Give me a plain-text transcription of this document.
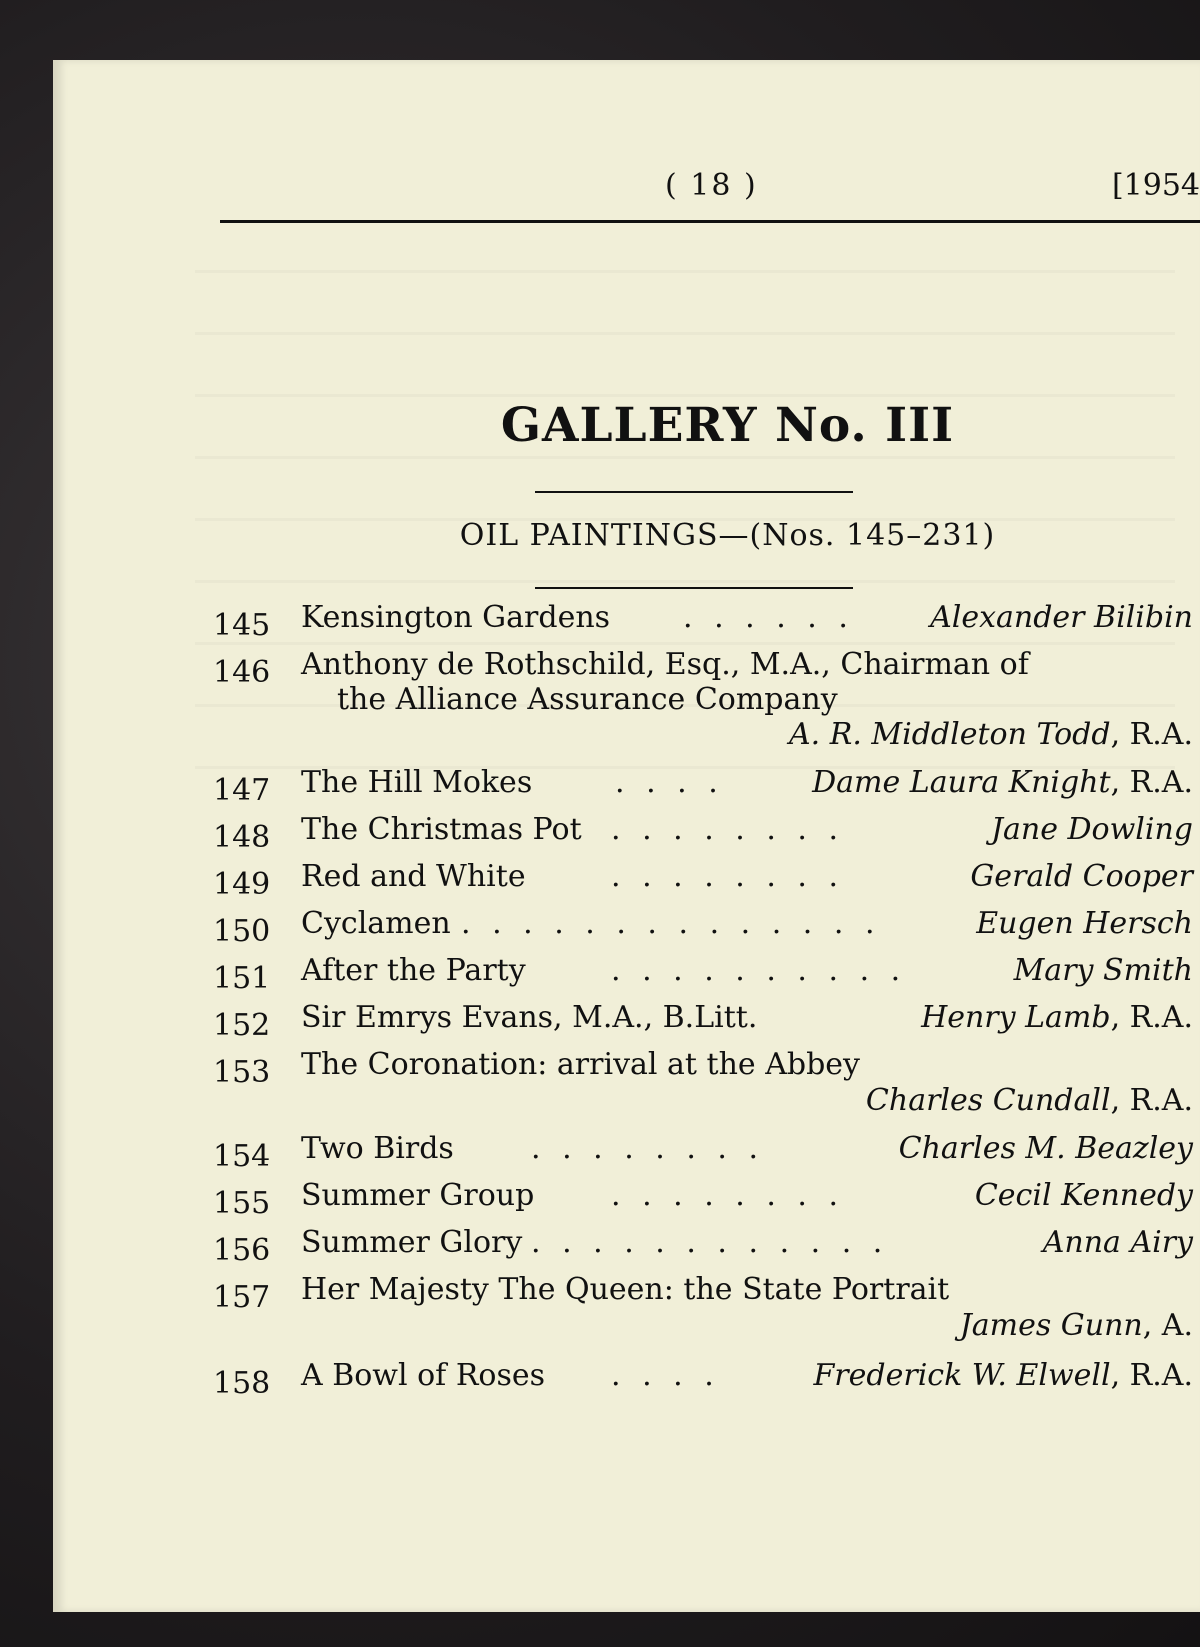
( 18 )	[1954
GALLERY No. III
OIL PAINTINGS—(Nos. 145–231)
145	Kensington Gardens . . . . . .	Alexander Bilibin
146	Anthony de Rothschild, Esq., M.A., Chairman of
the Alliance Assurance Company
A. R. Middleton Todd, R.A.
147	The Hill Mokes	. . . .	Dame Laura Knight, R.A.
148	The Christmas Pot . . . . . . . .	Jane Dowling
149	Red and White	. . . . . . . .	Gerald Cooper
150	Cyclamen . . . . . . . . . . . . . .	Eugen Hersch
151	After the Party	. . . . . . . . . .	Mary Smith
152	Sir Emrys Evans, M.A., B.Litt.	Henry Lamb, R.A.
153	The Coronation: arrival at the Abbey
Charles Cundall, R.A.
154	Two Birds	. . . . . . . .	Charles M. Beazley
155	Summer Group	. . . . . . . .	Cecil Kennedy
156	Summer Glory . . . . . . . . . . . .	Anna Airy
157	Her Majesty The Queen: the State Portrait
James Gunn, A.
158	A Bowl of Roses . . . .	Frederick W. Elwell, R.A.
